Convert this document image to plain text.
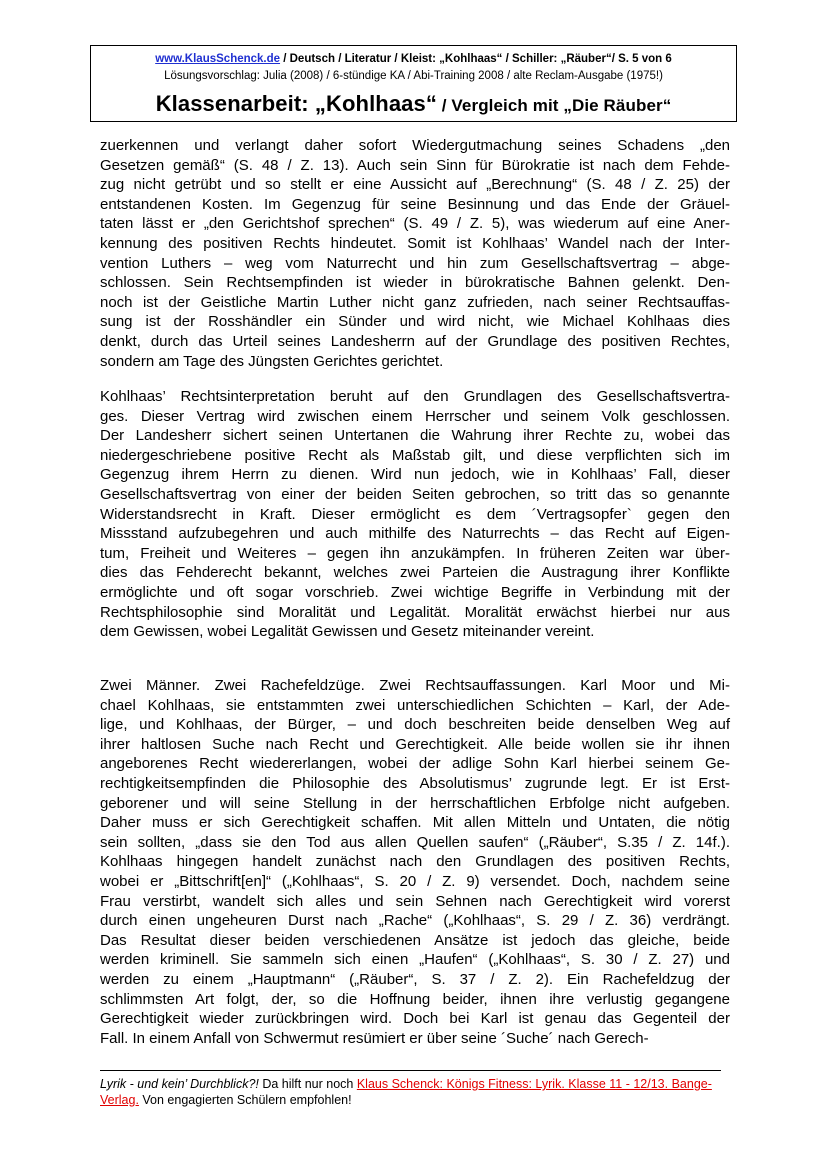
www.KlausSchenck.de / Deutsch / Literatur / Kleist: „Kohlhaas“ / Schiller: „Räuber“/ S. 5 von 6
Lösungsvorschlag: Julia (2008) / 6-stündige KA / Abi-Training 2008 / alte Reclam-Ausgabe (1975!)
Klassenarbeit: „Kohlhaas“ / Vergleich mit „Die Räuber“
zuerkennen und verlangt daher sofort Wiedergutmachung seines Schadens „den
Gesetzen gemäß“ (S. 48 / Z. 13). Auch sein Sinn für Bürokratie ist nach dem Fehde-
zug nicht getrübt und so stellt er eine Aussicht auf „Berechnung“ (S. 48 / Z. 25) der
entstandenen Kosten. Im Gegenzug für seine Besinnung und das Ende der Gräuel-
taten lässt er „den Gerichtshof sprechen“ (S. 49 / Z. 5), was wiederum auf eine Aner-
kennung des positiven Rechts hindeutet. Somit ist Kohlhaas’ Wandel nach der Inter-
vention Luthers – weg vom Naturrecht und hin zum Gesellschaftsvertrag – abge-
schlossen. Sein Rechtsempfinden ist wieder in bürokratische Bahnen gelenkt. Den-
noch ist der Geistliche Martin Luther nicht ganz zufrieden, nach seiner Rechtsauffas-
sung ist der Rosshändler ein Sünder und wird nicht, wie Michael Kohlhaas dies
denkt, durch das Urteil seines Landesherrn auf der Grundlage des positiven Rechtes,
sondern am Tage des Jüngsten Gerichtes gerichtet.
Kohlhaas’ Rechtsinterpretation beruht auf den Grundlagen des Gesellschaftsvertra-
ges. Dieser Vertrag wird zwischen einem Herrscher und seinem Volk geschlossen.
Der Landesherr sichert seinen Untertanen die Wahrung ihrer Rechte zu, wobei das
niedergeschriebene positive Recht als Maßstab gilt, und diese verpflichten sich im
Gegenzug ihrem Herrn zu dienen. Wird nun jedoch, wie in Kohlhaas’ Fall, dieser
Gesellschaftsvertrag von einer der beiden Seiten gebrochen, so tritt das so genannte
Widerstandsrecht in Kraft. Dieser ermöglicht es dem ´Vertragsopfer` gegen den
Missstand aufzubegehren und auch mithilfe des Naturrechts – das Recht auf Eigen-
tum, Freiheit und Weiteres – gegen ihn anzukämpfen. In früheren Zeiten war über-
dies das Fehderecht bekannt, welches zwei Parteien die Austragung ihrer Konflikte
ermöglichte und oft sogar vorschrieb. Zwei wichtige Begriffe in Verbindung mit der
Rechtsphilosophie sind Moralität und Legalität. Moralität erwächst hierbei nur aus
dem Gewissen, wobei Legalität Gewissen und Gesetz miteinander vereint.
Zwei Männer. Zwei Rachefeldzüge. Zwei Rechtsauffassungen. Karl Moor und Mi-
chael Kohlhaas, sie entstammten zwei unterschiedlichen Schichten – Karl, der Ade-
lige, und Kohlhaas, der Bürger, – und doch beschreiten beide denselben Weg auf
ihrer haltlosen Suche nach Recht und Gerechtigkeit. Alle beide wollen sie ihr ihnen
angeborenes Recht wiedererlangen, wobei der adlige Sohn Karl hierbei seinem Ge-
rechtigkeitsempfinden die Philosophie des Absolutismus’ zugrunde legt. Er ist Erst-
geborener und will seine Stellung in der herrschaftlichen Erbfolge nicht aufgeben.
Daher muss er sich Gerechtigkeit schaffen. Mit allen Mitteln und Untaten, die nötig
sein sollten, „dass sie den Tod aus allen Quellen saufen“ („Räuber“, S.35 / Z. 14f.).
Kohlhaas hingegen handelt zunächst nach den Grundlagen des positiven Rechts,
wobei er „Bittschrift[en]“ („Kohlhaas“, S. 20 / Z. 9) versendet. Doch, nachdem seine
Frau verstirbt, wandelt sich alles und sein Sehnen nach Gerechtigkeit wird vorerst
durch einen ungeheuren Durst nach „Rache“ („Kohlhaas“, S. 29 / Z. 36) verdrängt.
Das Resultat dieser beiden verschiedenen Ansätze ist jedoch das gleiche, beide
werden kriminell. Sie sammeln sich einen „Haufen“ („Kohlhaas“, S. 30 / Z. 27) und
werden zu einem „Hauptmann“ („Räuber“, S. 37 / Z. 2). Ein Rachefeldzug der
schlimmsten Art folgt, der, so die Hoffnung beider, ihnen ihre verlustig gegangene
Gerechtigkeit wieder zurückbringen wird. Doch bei Karl ist genau das Gegenteil der
Fall. In einem Anfall von Schwermut resümiert er über seine ´Suche´ nach Gerech-
Lyrik - und kein’ Durchblick?! Da hilft nur noch Klaus Schenck: Königs Fitness: Lyrik. Klasse 11 - 12/13. Bange-Verlag. Von engagierten Schülern empfohlen!
